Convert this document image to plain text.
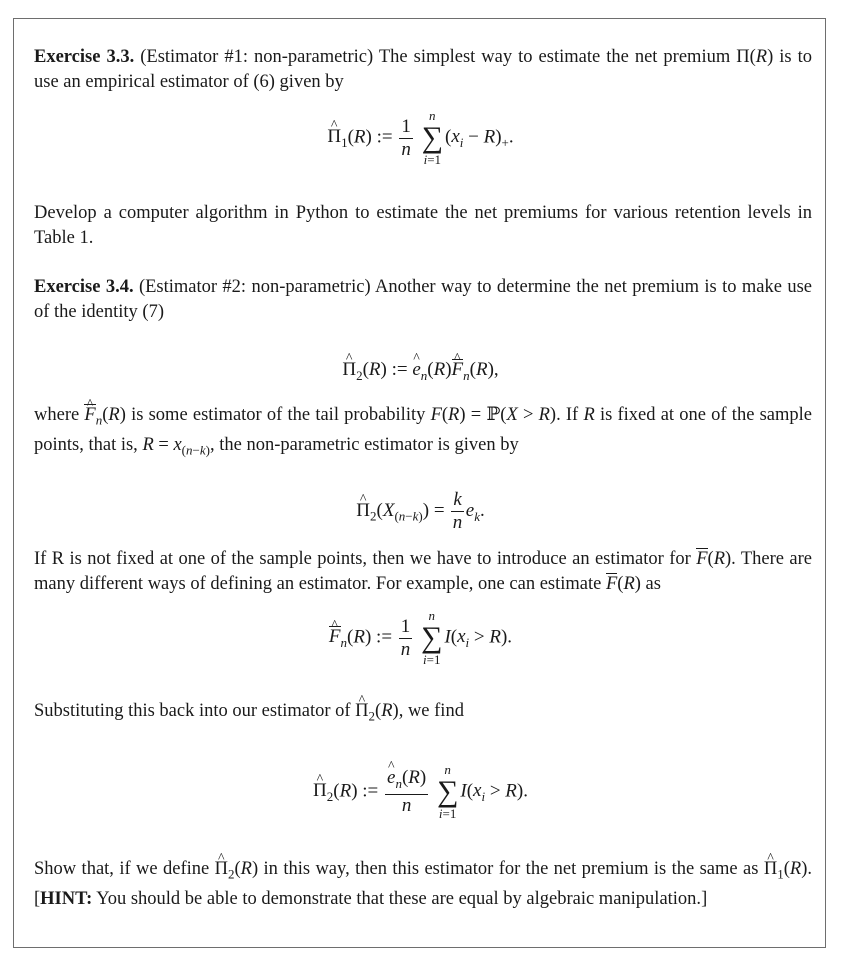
Exercise 3.3. (Estimator #1: non-parametric) The simplest way to estimate the net premium Π(R) is to use an empirical estimator of (6) given by
^ $\Pi_1(R)$ := $\frac{1}{n}$
	n
∑
i=1
$(x_i - R)_+$.
Develop a computer algorithm in Python to estimate the net premiums for various retention levels in Table 1.
Exercise 3.4. (Estimator #2: non-parametric) Another way to determine the net premium is to make use of the identity (7)
^ $\Pi_2(R)$ := ^ $e_n(R)\^{}$ $F_n(R)$,
where ^ $F_n(R)$ is some estimator of the tail probability F(R) = ℙ(X > R). If R is fixed at one of the sample points, that is, $R = x_{(n-k)}$, the non-parametric estimator is given by
^ $\Pi_2(X_{(n-k)}) = \frac{k}{n} e_k$.
If R is not fixed at one of the sample points, then we have to introduce an estimator for F(R). There are many different ways of defining an estimator. For example, one can estimate F(R) as
^ $F_n(R)$ := $\frac{1}{n}$
	n
∑
i=1
$I(x_i > R)$.
Substituting this back into our estimator of ^ $\Pi_2(R)$, we find
^ $\Pi_2(R)$ :=
^ $\frac{e_n(R)}{n}$
	n
∑
i=1
$I(x_i > R)$.
Show that, if we define ^ $\Pi_2(R)$ in this way, then this estimator for the net premium is the same as ^ $\Pi_1(R)$. [HINT: You should be able to demonstrate that these are equal by algebraic manipulation.]
